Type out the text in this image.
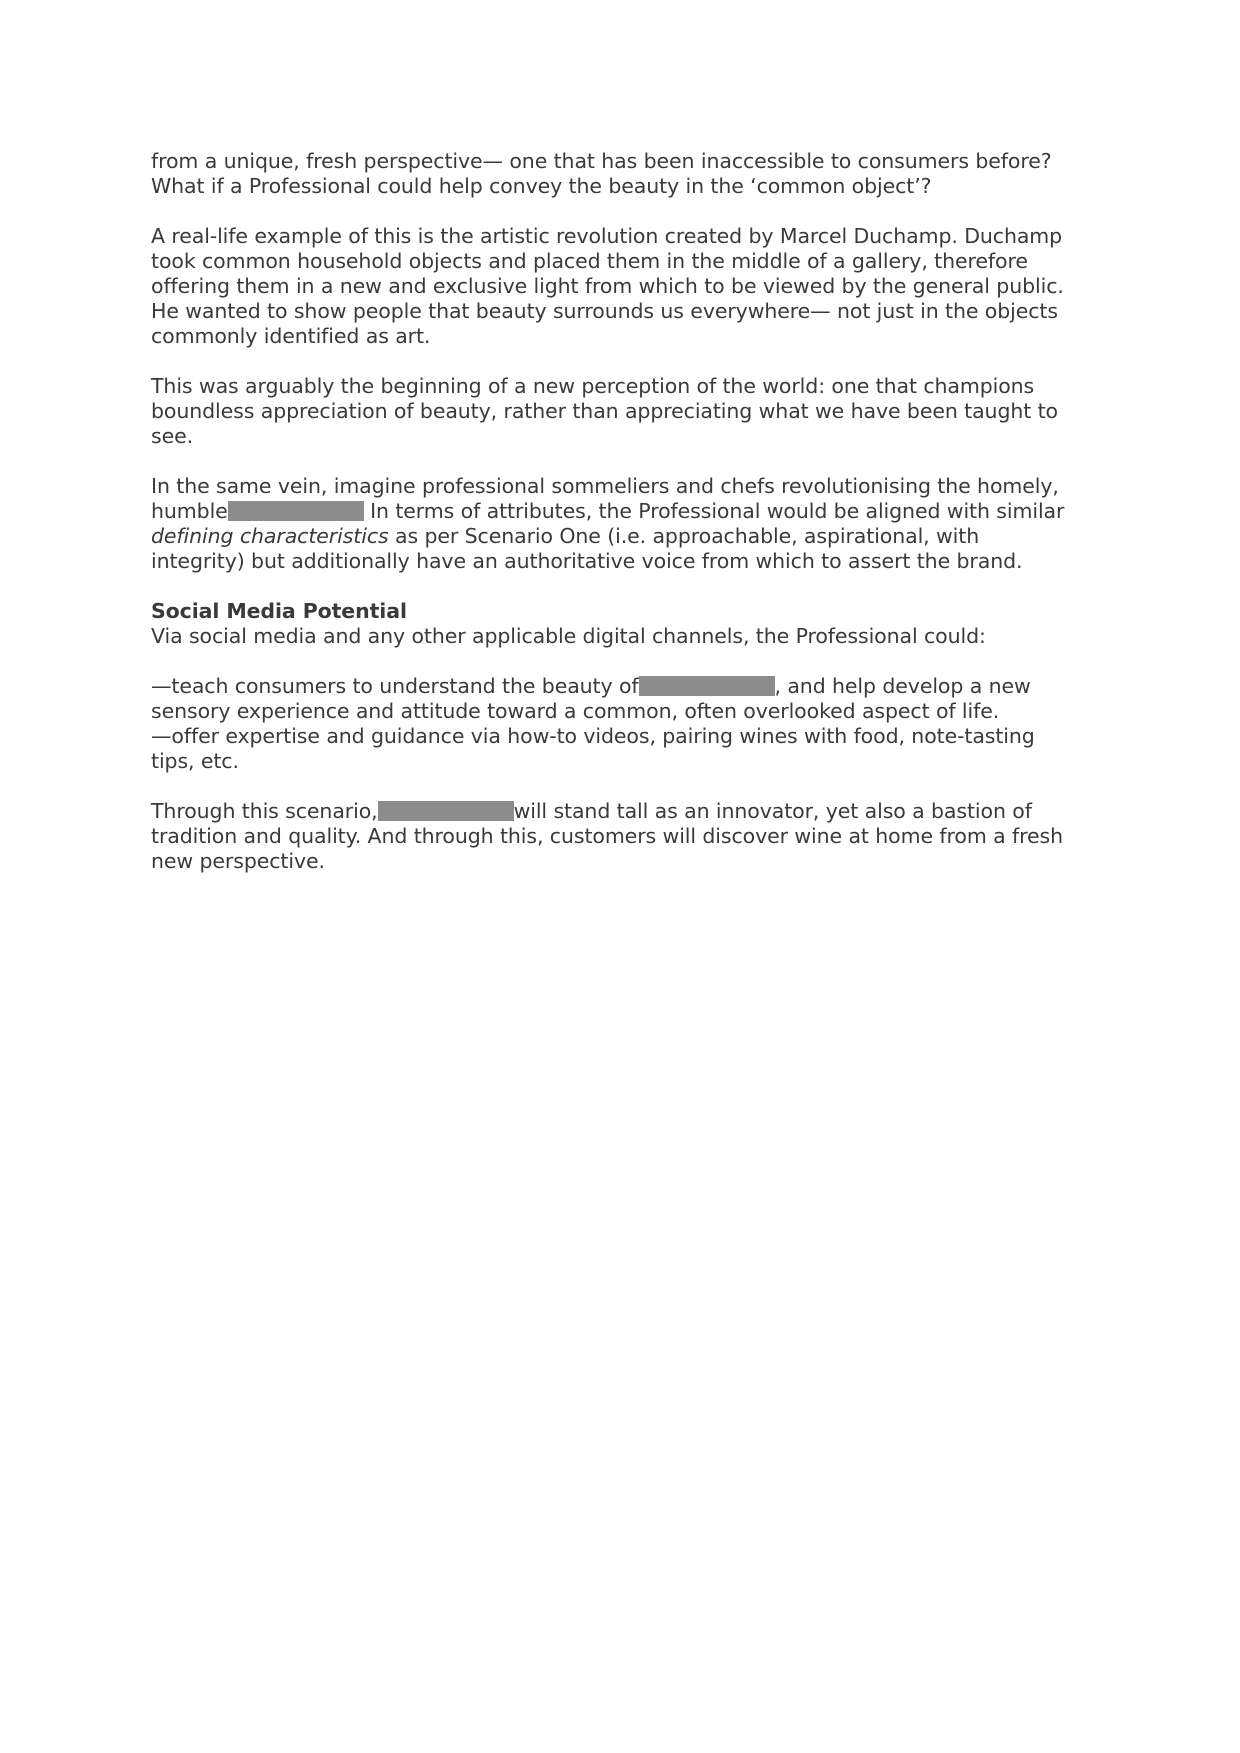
from a unique, fresh perspective— one that has been inaccessible to consumers before?
What if a Professional could help convey the beauty in the ‘common object’?
A real-life example of this is the artistic revolution created by Marcel Duchamp. Duchamp
took common household objects and placed them in the middle of a gallery, therefore
offering them in a new and exclusive light from which to be viewed by the general public.
He wanted to show people that beauty surrounds us everywhere— not just in the objects
commonly identified as art.
This was arguably the beginning of a new perception of the world: one that champions
boundless appreciation of beauty, rather than appreciating what we have been taught to
see.
In the same vein, imagine professional sommeliers and chefs revolutionising the homely,
humble	In terms of attributes, the Professional would be aligned with similar
defining characteristics as per Scenario One (i.e. approachable, aspirational, with
integrity) but additionally have an authoritative voice from which to assert the brand.
Social Media Potential
Via social media and any other applicable digital channels, the Professional could:
—teach consumers to understand the beauty of	, and help develop a new
sensory experience and attitude toward a common, often overlooked aspect of life.
—offer expertise and guidance via how-to videos, pairing wines with food, note-tasting
tips, etc.
Through this scenario,	will stand tall as an innovator, yet also a bastion of
tradition and quality. And through this, customers will discover wine at home from a fresh
new perspective.
